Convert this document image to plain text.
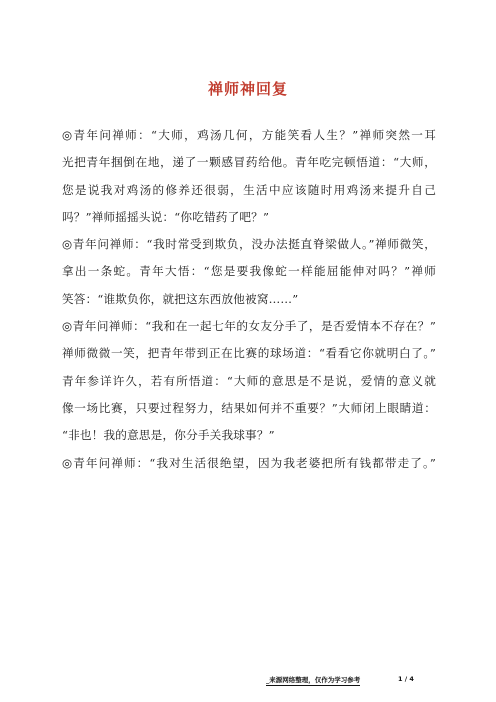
禅师神回复
◎青年问禅师：“大师，鸡汤几何，方能笑看人生？”禅师突然一耳
光把青年掴倒在地，递了一颗感冒药给他。青年吃完顿悟道：“大师，
您是说我对鸡汤的修养还很弱，生活中应该随时用鸡汤来提升自己
吗？”禅师摇摇头说：“你吃错药了吧？”
◎青年问禅师：“我时常受到欺负，没办法挺直脊梁做人。”禅师微笑，
拿出一条蛇。青年大悟：“您是要我像蛇一样能屈能伸对吗？”禅师
笑答：“谁欺负你，就把这东西放他被窝……”
◎青年问禅师：“我和在一起七年的女友分手了，是否爱情本不存在？”
禅师微微一笑，把青年带到正在比赛的球场道：“看看它你就明白了。”
青年参详许久，若有所悟道：“大师的意思是不是说，爱情的意义就
像一场比赛，只要过程努力，结果如何并不重要？”大师闭上眼睛道：
“非也！我的意思是，你分手关我球事？”
◎青年问禅师：“我对生活很绝望，因为我老婆把所有钱都带走了。”
_来源网络整理，仅作为学习参考	1 / 4
